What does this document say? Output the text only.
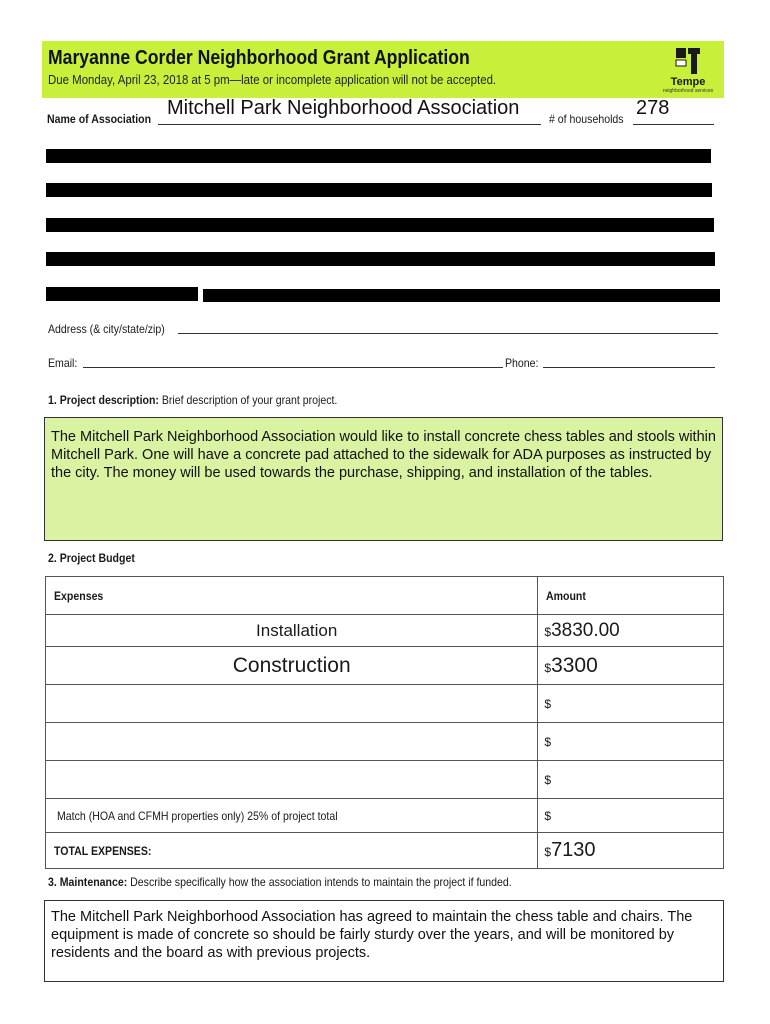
Maryanne Corder Neighborhood Grant Application
Due Monday, April 23, 2018 at 5 pm—late or incomplete application will not be accepted.	Tempe
neighborhood services
Name of Association Mitchell Park Neighborhood Association # of households 278
Address (& city/state/zip)
Email:	Phone:
1. Project description: Brief description of your grant project.
The Mitchell Park Neighborhood Association would like to install concrete chess tables and stools within Mitchell Park. One will have a concrete pad attached to the sidewalk for ADA purposes as instructed by the city. The money will be used towards the purchase, shipping, and installation of the tables.
2. Project Budget
Expenses	Amount
Installation	$3830.00
Construction	$3300
	$
	$
	$
Match (HOA and CFMH properties only) 25% of project total	$
TOTAL EXPENSES:	$7130
3. Maintenance: Describe specifically how the association intends to maintain the project if funded.
The Mitchell Park Neighborhood Association has agreed to maintain the chess table and chairs. The equipment is made of concrete so should be fairly sturdy over the years, and will be monitored by residents and the board as with previous projects.
